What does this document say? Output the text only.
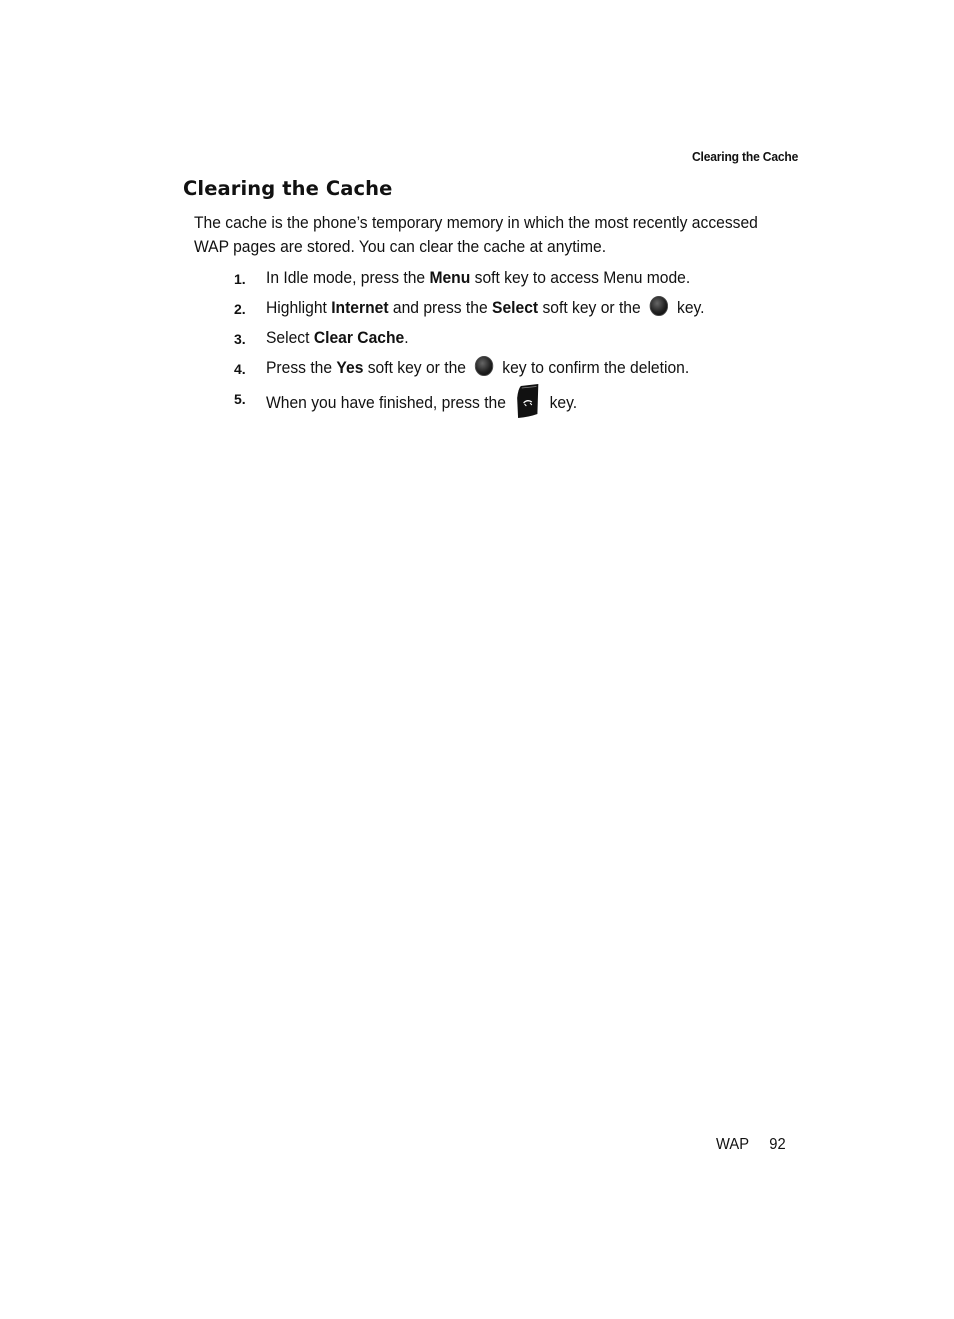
Clearing the Cache
Clearing the Cache

The cache is the phone’s temporary memory in which the most recently accessed
WAP pages are stored. You can clear the cache at anytime.

1. In Idle mode, press the Menu soft key to access Menu mode.
2. Highlight Internet and press the Select soft key or the  key.
3. Select Clear Cache.
4. Press the Yes soft key or the  key to confirm the deletion.
5. When you have finished, press the  key.
WAP 92
